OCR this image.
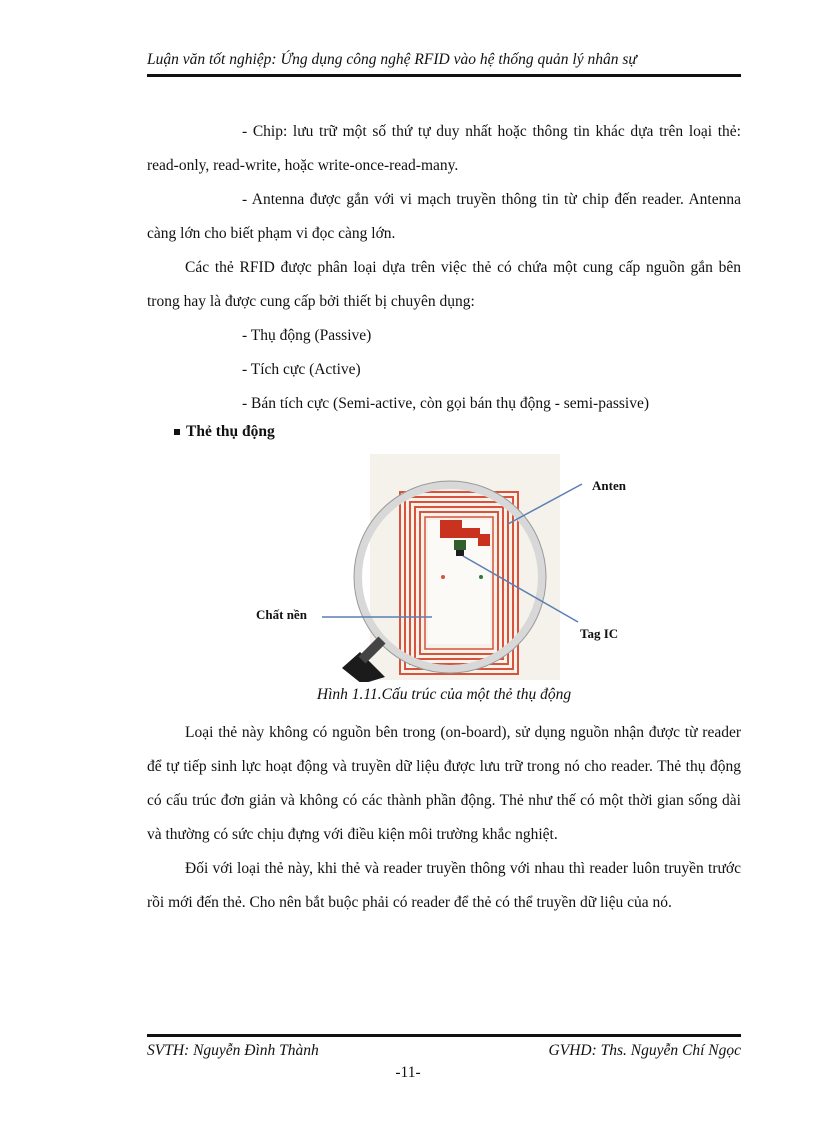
Luận văn tốt nghiệp: Ứng dụng công nghệ RFID vào hệ thống quản lý nhân sự

- Chip: lưu trữ một số thứ tự duy nhất hoặc thông tin khác dựa trên loại thẻ: read-only, read-write, hoặc write-once-read-many.

- Antenna được gắn với vi mạch truyền thông tin từ chip đến reader. Antenna càng lớn cho biết phạm vi đọc càng lớn.

Các thẻ RFID được phân loại dựa trên việc thẻ có chứa một cung cấp nguồn gắn bên trong hay là được cung cấp bởi thiết bị chuyên dụng:

- Thụ động (Passive)

- Tích cực (Active)

- Bán tích cực (Semi-active, còn gọi bán thụ động - semi-passive)

Thẻ thụ động
Anten
Chất nền
Tag IC
Hình 1.11.Cấu trúc của một thẻ thụ động

Loại thẻ này không có nguồn bên trong (on-board), sử dụng nguồn nhận được từ reader để tự tiếp sinh lực hoạt động và truyền dữ liệu được lưu trữ trong nó cho reader. Thẻ thụ động có cấu trúc đơn giản và không có các thành phần động. Thẻ như thế có một thời gian sống dài và thường có sức chịu đựng với điều kiện môi trường khắc nghiệt.

Đối với loại thẻ này, khi thẻ và reader truyền thông với nhau thì reader luôn truyền trước rồi mới đến thẻ. Cho nên bắt buộc phải có reader để thẻ có thể truyền dữ liệu của nó.

SVTH: Nguyễn Đình Thành	GVHD: Ths. Nguyễn Chí Ngọc
-11-
